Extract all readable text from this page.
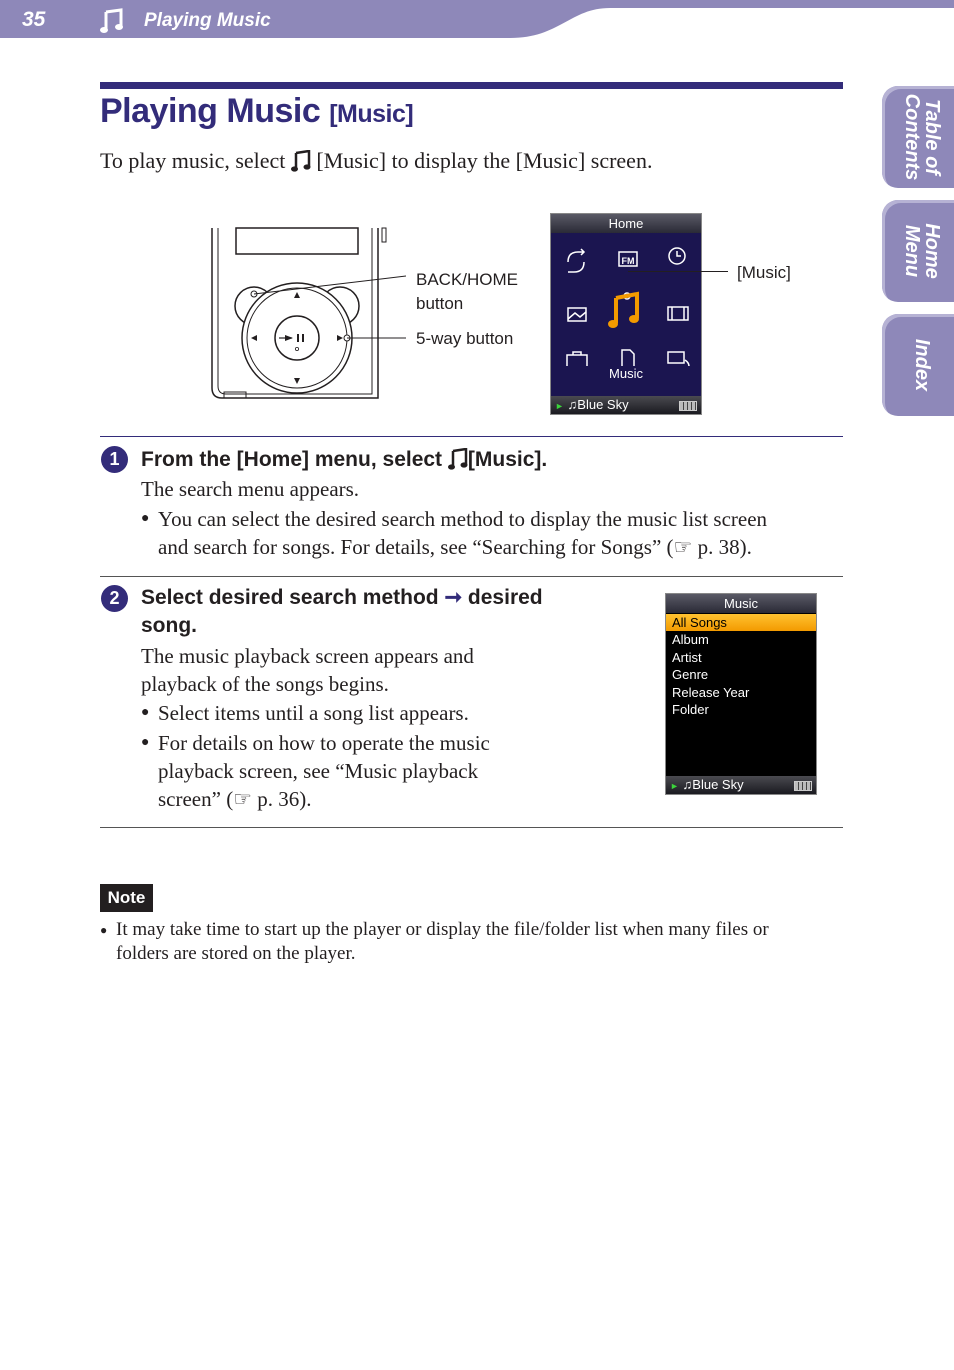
35	Playing Music
Table of
Contents
Home
Menu
Index
Playing Music [Music]
To play music, select [Music] to display the [Music] screen.
BACK/HOME
button
5-way button
Home
FM
Music
► ♫Blue Sky
[Music]
1	From the [Home] menu, select [Music].
The search menu appears.
● You can select the desired search method to display the music list screen
and search for songs. For details, see “Searching for Songs” (☞ p. 38).
2	Select desired search method ➞ desired
song.
The music playback screen appears and
playback of the songs begins.
● Select items until a song list appears.
● For details on how to operate the music
playback screen, see “Music playback
screen” (☞ p. 36).
Music
All Songs
Album
Artist
Genre
Release Year
Folder
► ♫Blue Sky
Note
● It may take time to start up the player or display the file/folder list when many files or
folders are stored on the player.
